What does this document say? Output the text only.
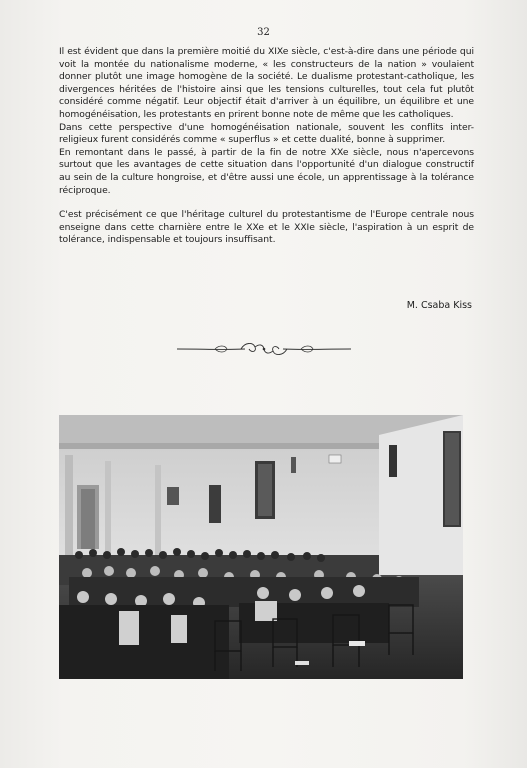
32

Il est évident que dans la première moitié du XIXe siècle, c'est-à-dire dans une période qui voit la montée du nationalisme moderne, « les constructeurs de la nation » voulaient donner plutôt une image homogène de la société. Le dualisme protestant-catholique, les divergences héritées de l'histoire ainsi que les tensions culturelles, tout cela fut plutôt considéré comme négatif. Leur objectif était d'arriver à un équilibre, un équilibre et une homogénéisation, les protestants en prirent bonne note de même que les catholiques.

Dans cette perspective d'une homogénéisation nationale, souvent les conflits inter-religieux furent considérés comme « superflus » et cette dualité, bonne à supprimer.

En remontant dans le passé, à partir de la fin de notre XXe siècle, nous n'apercevons surtout que les avantages de cette situation dans l'opportunité d'un dialogue constructif au sein de la culture hongroise, et d'être aussi une école, un apprentissage à la tolérance réciproque.

C'est précisément ce que l'héritage culturel du protestantisme de l'Europe centrale nous enseigne dans cette charnière entre le XXe et le XXIe siècle, l'aspiration à un esprit de tolérance, indispensable et toujours insuffisant.

M. Csaba Kiss
